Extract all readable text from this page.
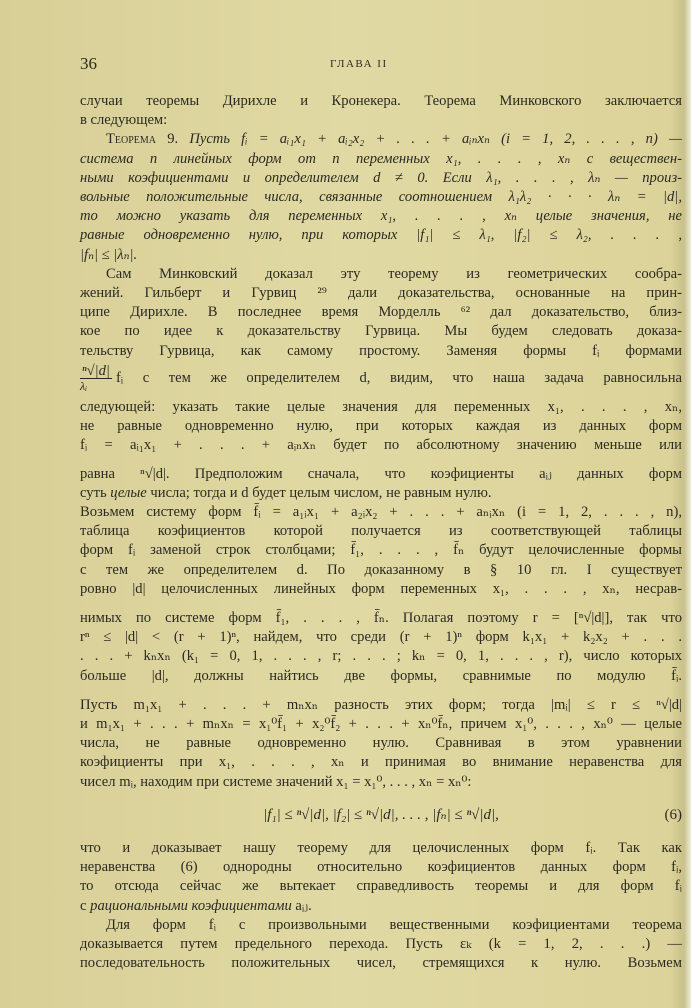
36	ГЛАВА II
случаи теоремы Дирихле и Кронекера. Теорема Минковского заключается
в следующем:
Теорема 9. Пусть fᵢ = aᵢ₁x₁ + aᵢ₂x₂ + . . . + aᵢₙxₙ (i = 1, 2, . . . , n) —
система n линейных форм от n переменных x₁, . . . , xₙ с веществен-
ными коэфициентами и определителем d ≠ 0. Если λ₁, . . . , λₙ — произ-
вольные положительные числа, связанные соотношением λ₁λ₂ · · · λₙ = |d|,
то можно указать для переменных x₁, . . . , xₙ целые значения, не
равные одновременно нулю, при которых |f₁| ≤ λ₁, |f₂| ≤ λ₂, . . . ,
|fₙ| ≤ |λₙ|.
Сам Минковский доказал эту теорему из геометрических сообра-
жений. Гильберт и Гурвиц ²⁹ дали доказательства, основанные на прин-
ципе Дирихле. В последнее время Морделль ⁶² дал доказательство, близ-
кое по идее к доказательству Гурвица. Мы будем следовать доказа-
тельству Гурвица, как самому простому. Заменяя формы fᵢ формами
$\frac{\text{ⁿ√|d|}}{\text{λᵢ}}$ fᵢ с тем же определителем d, видим, что наша задача равносильна
следующей: указать такие целые значения для переменных x₁, . . . , xₙ,
не равные одновременно нулю, при которых каждая из данных форм
fᵢ = aᵢ₁x₁ + . . . + aᵢₙxₙ будет по абсолютному значению меньше или
равна ⁿ√|d|. Предположим сначала, что коэфициенты aᵢⱼ данных форм
суть целые числа; тогда и d будет целым числом, не равным нулю.
Возьмем систему форм f̄ᵢ = a₁ᵢx₁ + a₂ᵢx₂ + . . . + aₙᵢxₙ (i = 1, 2, . . . , n),
таблица коэфициентов которой получается из соответствующей таблицы
форм fᵢ заменой строк столбцами; f̄₁, . . . , f̄ₙ будут целочисленные формы
с тем же определителем d. По доказанному в § 10 гл. I существует
ровно |d| целочисленных линейных форм переменных x₁, . . . , xₙ, несрав-
нимых по системе форм f̄₁, . . . , f̄ₙ. Полагая поэтому r = [ⁿ√|d|], так что
rⁿ ≤ |d| < (r + 1)ⁿ, найдем, что среди (r + 1)ⁿ форм k₁x₁ + k₂x₂ + . . .
. . . + kₙxₙ (k₁ = 0, 1, . . . , r; . . . ; kₙ = 0, 1, . . . , r), число которых
больше |d|, должны найтись две формы, сравнимые по модулю f̄ᵢ.
Пусть m₁x₁ + . . . + mₙxₙ разность этих форм; тогда |mᵢ| ≤ r ≤ ⁿ√|d|
и m₁x₁ + . . . + mₙxₙ = x₁⁰f̄₁ + x₂⁰f̄₂ + . . . + xₙ⁰f̄ₙ, причем x₁⁰, . . . , xₙ⁰ — целые
числа, не равные одновременно нулю. Сравнивая в этом уравнении
коэфициенты при x₁, . . . , xₙ и принимая во внимание неравенства для
чисел mᵢ, находим при системе значений x₁ = x₁⁰, . . . , xₙ = xₙ⁰:
|f₁| ≤ ⁿ√|d|, |f₂| ≤ ⁿ√|d|, . . . , |fₙ| ≤ ⁿ√|d|,	(6)
что и доказывает нашу теорему для целочисленных форм fᵢ. Так как
неравенства (6) однородны относительно коэфициентов данных форм fᵢ,
то отсюда сейчас же вытекает справедливость теоремы и для форм fᵢ
с рациональными коэфициентами aᵢⱼ.
Для форм fᵢ с произвольными вещественными коэфициентами теорема
доказывается путем предельного перехода. Пусть εₖ (k = 1, 2, . . .) —
последовательность положительных чисел, стремящихся к нулю. Возьмем
